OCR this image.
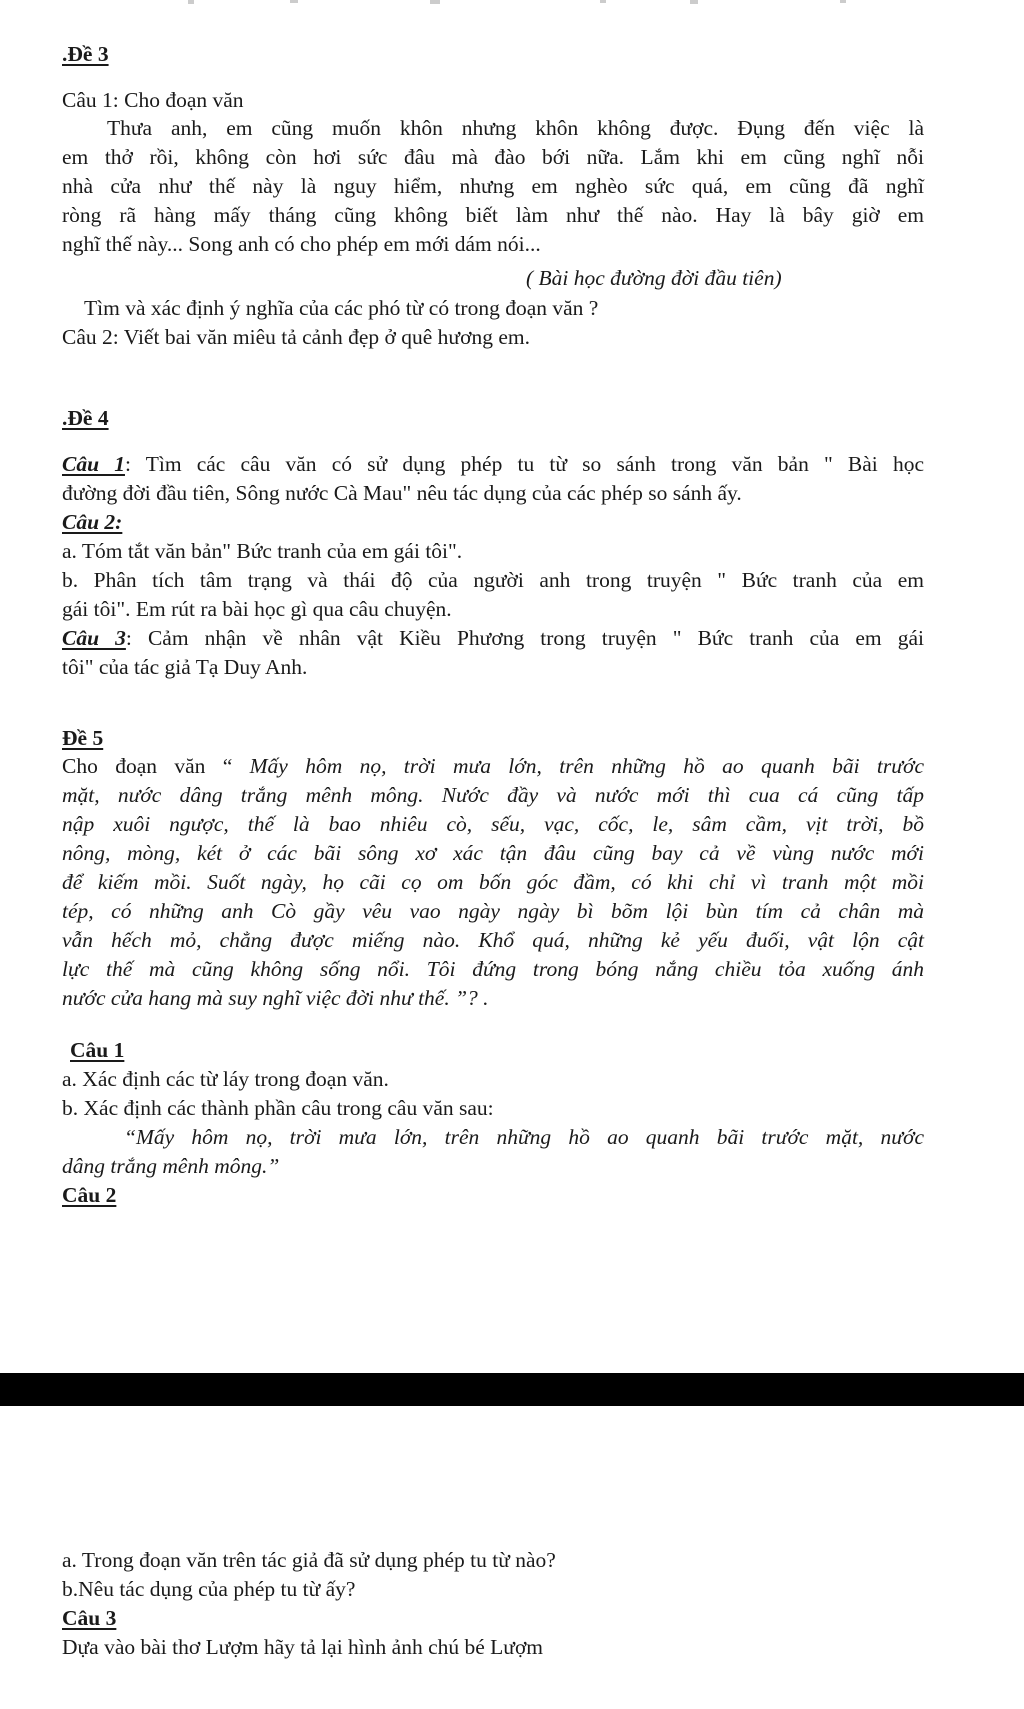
.Đề 3
Câu 1: Cho đoạn văn
Thưa anh, em cũng muốn khôn nhưng khôn không được. Đụng đến việc là
em thở rồi, không còn hơi sức đâu mà đào bới nữa. Lắm khi em cũng nghĩ nỗi
nhà cửa như thế này là nguy hiểm, nhưng em nghèo sức quá, em cũng đã nghĩ
ròng rã hàng mấy tháng cũng không biết làm như thế nào. Hay là bây giờ em
nghĩ thế này... Song anh có cho phép em mới dám nói...
( Bài học đường đời đầu tiên)
Tìm và xác định ý nghĩa của các phó từ có trong đoạn văn ?
Câu 2: Viết bai văn miêu tả cảnh đẹp ở quê hương em.
.Đề 4
Câu 1: Tìm các câu văn có sử dụng phép tu từ so sánh trong văn bản " Bài học
đường đời đầu tiên, Sông nước Cà Mau" nêu tác dụng của các phép so sánh ấy.
Câu 2:
a. Tóm tắt văn bản" Bức tranh của em gái tôi".
b. Phân tích tâm trạng và thái độ của người anh trong truyện " Bức tranh của em
gái tôi". Em rút ra bài học gì qua câu chuyện.
Câu 3: Cảm nhận về nhân vật Kiều Phương trong truyện " Bức tranh của em gái
tôi" của tác giả Tạ Duy Anh.
Đề 5
Cho đoạn văn “ Mấy hôm nọ, trời mưa lớn, trên những hồ ao quanh bãi trước
mặt, nước dâng trắng mênh mông. Nước đầy và nước mới thì cua cá cũng tấp
nập xuôi ngược, thế là bao nhiêu cò, sếu, vạc, cốc, le, sâm cầm, vịt trời, bồ
nông, mòng, két ở các bãi sông xơ xác tận đâu cũng bay cả về vùng nước mới
để kiếm mồi. Suốt ngày, họ cãi cọ om bốn góc đầm, có khi chỉ vì tranh một mồi
tép, có những anh Cò gầy vêu vao ngày ngày bì bõm lội bùn tím cả chân mà
vẫn hếch mỏ, chẳng được miếng nào. Khổ quá, những kẻ yếu đuối, vật lộn cật
lực thế mà cũng không sống nổi. Tôi đứng trong bóng nắng chiều tỏa xuống ánh
nước cửa hang mà suy nghĩ việc đời như thế. ”? .
Câu 1
a. Xác định các từ láy trong đoạn văn.
b. Xác định các thành phần câu trong câu văn sau:
“Mấy hôm nọ, trời mưa lớn, trên những hồ ao quanh bãi trước mặt, nước
dâng trắng mênh mông.”
Câu 2
a. Trong đoạn văn trên tác giả đã sử dụng phép tu từ nào?
b.Nêu tác dụng của phép tu từ ấy?
Câu 3
Dựa vào bài thơ Lượm hãy tả lại hình ảnh chú bé Lượm
